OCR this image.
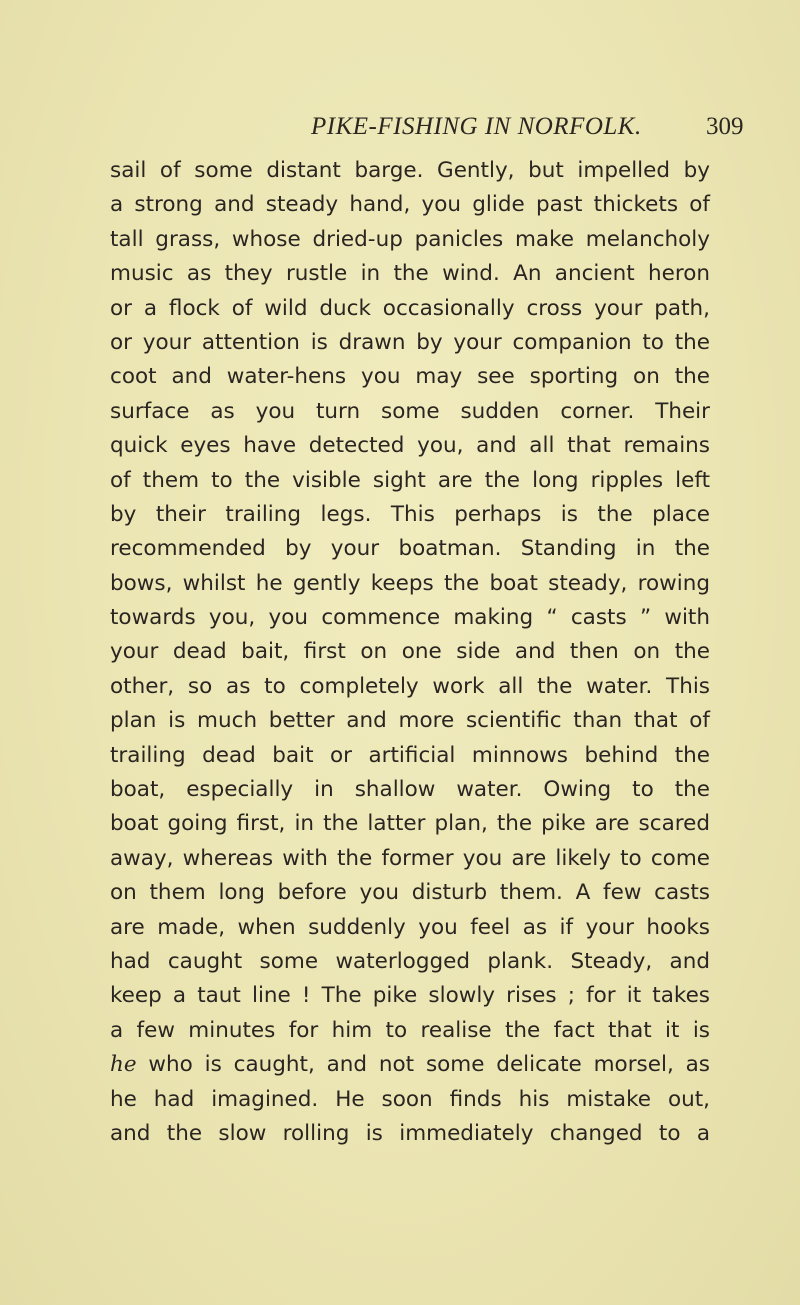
PIKE-FISHING IN NORFOLK.	309
sail of some distant barge. Gently, but impelled by
a strong and steady hand, you glide past thickets of
tall grass, whose dried-up panicles make melancholy
music as they rustle in the wind. An ancient heron
or a flock of wild duck occasionally cross your path,
or your attention is drawn by your companion to the
coot and water-hens you may see sporting on the
surface as you turn some sudden corner. Their
quick eyes have detected you, and all that remains
of them to the visible sight are the long ripples left
by their trailing legs. This perhaps is the place
recommended by your boatman. Standing in the
bows, whilst he gently keeps the boat steady, rowing
towards you, you commence making “ casts ” with
your dead bait, first on one side and then on the
other, so as to completely work all the water. This
plan is much better and more scientific than that of
trailing dead bait or artificial minnows behind the
boat, especially in shallow water. Owing to the
boat going first, in the latter plan, the pike are scared
away, whereas with the former you are likely to come
on them long before you disturb them. A few casts
are made, when suddenly you feel as if your hooks
had caught some waterlogged plank. Steady, and
keep a taut line ! The pike slowly rises ; for it takes
a few minutes for him to realise the fact that it is
he who is caught, and not some delicate morsel, as
he had imagined. He soon finds his mistake out,
and the slow rolling is immediately changed to a
